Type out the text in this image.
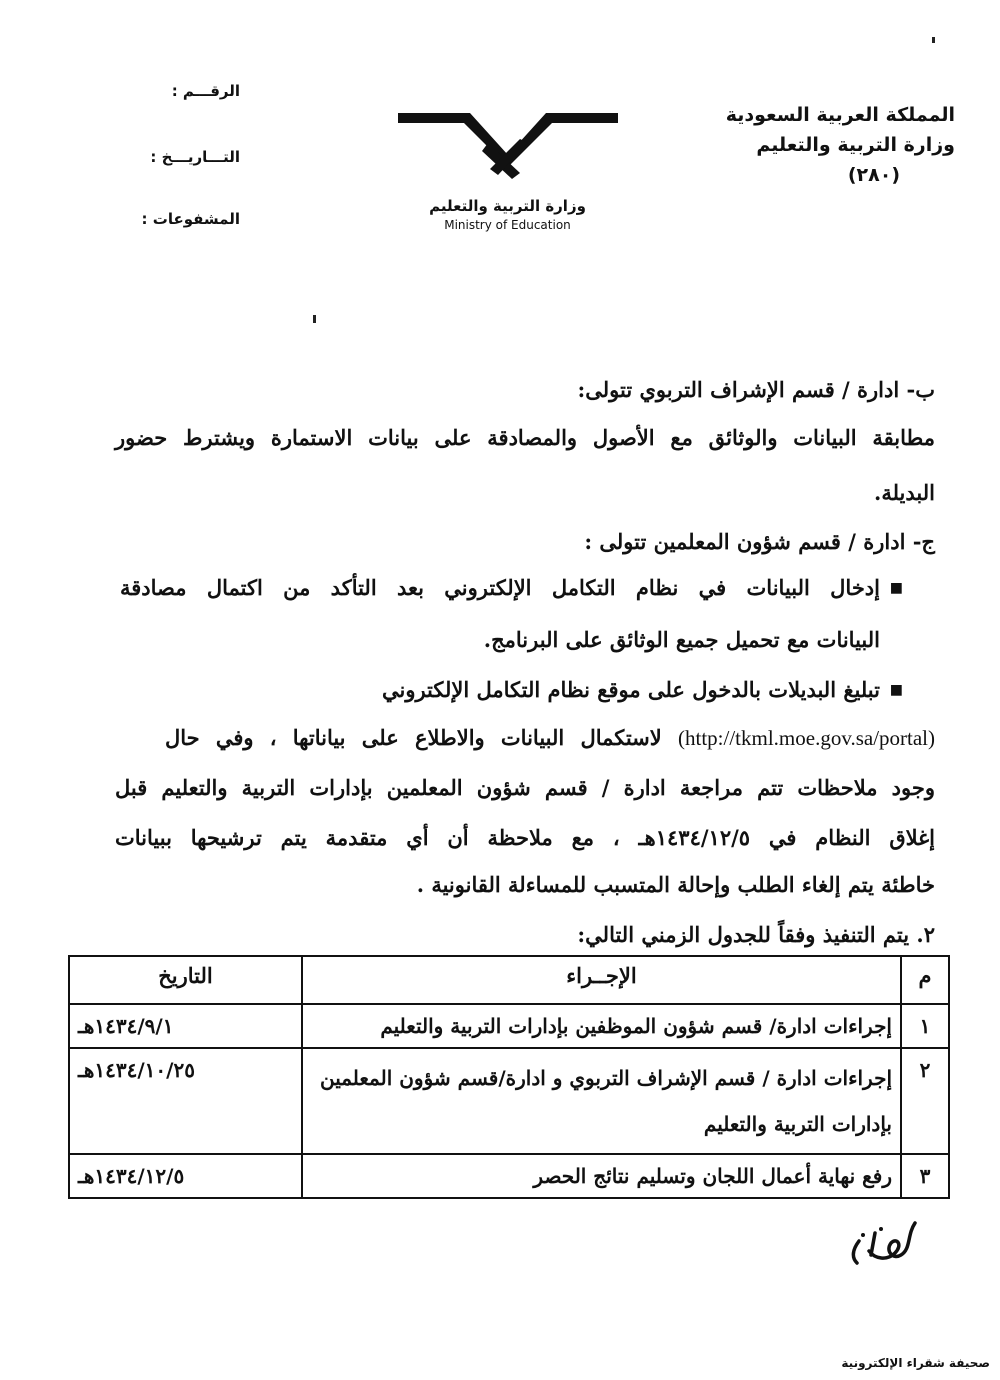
المملكة العربية السعودية
وزارة التربية والتعليم
(٢٨٠)
الرقـــم :
التـــاريـــخ :
المشفوعات :
وزارة التربية والتعليم
Ministry of Education
ب- ادارة / قسم الإشراف التربوي تتولى:
مطابقة البيانات والوثائق مع الأصول والمصادقة على بيانات الاستمارة ويشترط حضور
البديلة.
ج- ادارة / قسم شؤون المعلمين تتولى :
■
إدخال البيانات في نظام التكامل الإلكتروني بعد التأكد من اكتمال مصادقة
البيانات مع تحميل جميع الوثائق على البرنامج.
■
تبليغ البديلات بالدخول على موقع نظام التكامل الإلكتروني
(http://tkml.moe.gov.sa/portal) لاستكمال البيانات والاطلاع على بياناتها ، وفي حال
وجود ملاحظات تتم مراجعة ادارة / قسم شؤون المعلمين بإدارات التربية والتعليم قبل
إغلاق النظام في ١٤٣٤/١٢/٥هـ ، مع ملاحظة أن أي متقدمة يتم ترشيحها ببيانات
خاطئة يتم إلغاء الطلب وإحالة المتسبب للمساءلة القانونية .
٢. يتم التنفيذ وفقاً للجدول الزمني التالي:
م	الإجــراء	التاريخ
١	إجراءات ادارة/ قسم شؤون الموظفين بإدارات التربية والتعليم	١٤٣٤/٩/١هـ
٢	إجراءات ادارة / قسم الإشراف التربوي و ادارة/قسم شؤون المعلمين بإدارات التربية والتعليم	١٤٣٤/١٠/٢٥هـ
٣	رفع نهاية أعمال اللجان وتسليم نتائج الحصر	١٤٣٤/١٢/٥هـ
صحيفة شقراء الإلكترونية
